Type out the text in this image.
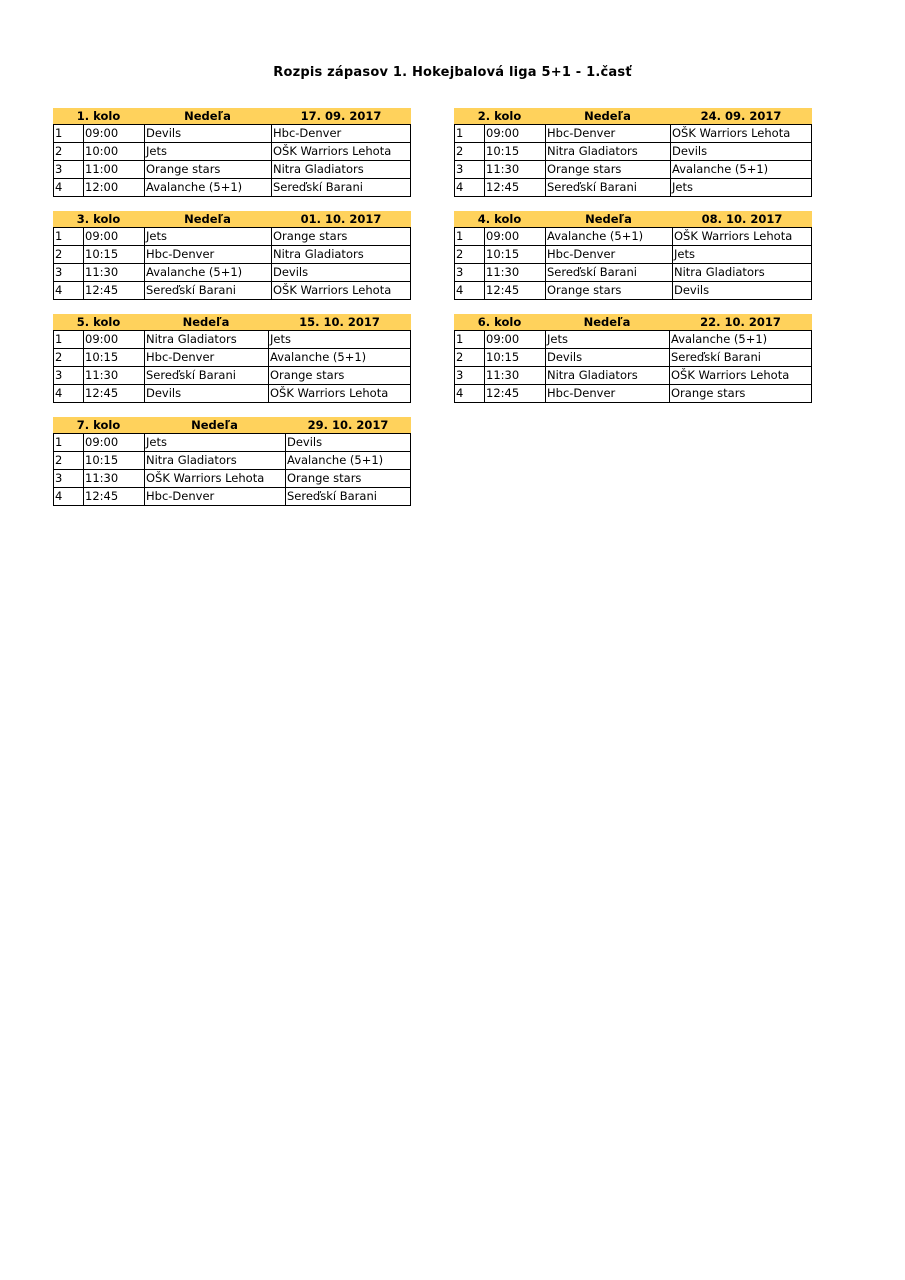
Rozpis zápasov 1. Hokejbalová liga 5+1 - 1.časť
1. kolo	Nedeľa	17. 09. 2017
1	09:00	Devils	Hbc-Denver
2	10:00	Jets	OŠK Warriors Lehota
3	11:00	Orange stars	Nitra Gladiators
4	12:00	Avalanche (5+1)	Sereďskí Barani
2. kolo	Nedeľa	24. 09. 2017
1	09:00	Hbc-Denver	OŠK Warriors Lehota
2	10:15	Nitra Gladiators	Devils
3	11:30	Orange stars	Avalanche (5+1)
4	12:45	Sereďskí Barani	Jets
3. kolo	Nedeľa	01. 10. 2017
1	09:00	Jets	Orange stars
2	10:15	Hbc-Denver	Nitra Gladiators
3	11:30	Avalanche (5+1)	Devils
4	12:45	Sereďskí Barani	OŠK Warriors Lehota
4. kolo	Nedeľa	08. 10. 2017
1	09:00	Avalanche (5+1)	OŠK Warriors Lehota
2	10:15	Hbc-Denver	Jets
3	11:30	Sereďskí Barani	Nitra Gladiators
4	12:45	Orange stars	Devils
5. kolo	Nedeľa	15. 10. 2017
1	09:00	Nitra Gladiators	Jets
2	10:15	Hbc-Denver	Avalanche (5+1)
3	11:30	Sereďskí Barani	Orange stars
4	12:45	Devils	OŠK Warriors Lehota
6. kolo	Nedeľa	22. 10. 2017
1	09:00	Jets	Avalanche (5+1)
2	10:15	Devils	Sereďskí Barani
3	11:30	Nitra Gladiators	OŠK Warriors Lehota
4	12:45	Hbc-Denver	Orange stars
7. kolo	Nedeľa	29. 10. 2017
1	09:00	Jets	Devils
2	10:15	Nitra Gladiators	Avalanche (5+1)
3	11:30	OŠK Warriors Lehota	Orange stars
4	12:45	Hbc-Denver	Sereďskí Barani
